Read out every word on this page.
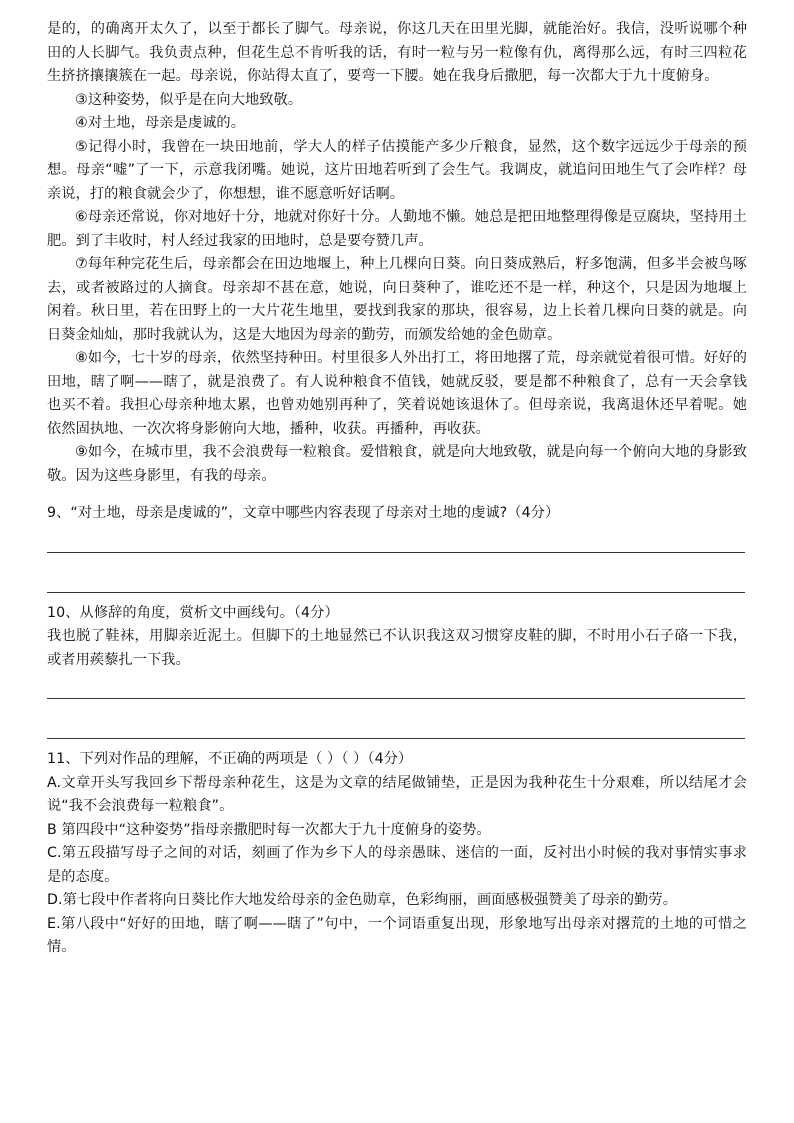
是的，的确离开太久了，以至于都长了脚气。母亲说，你这几天在田里光脚，就能治好。我信，没听说哪个种田的人长脚气。我负责点种，但花生总不肯听我的话，有时一粒与另一粒像有仇，离得那么远，有时三四粒花生挤挤攘攘簇在一起。母亲说，你站得太直了，要弯一下腰。她在我身后撒肥，每一次都大于九十度俯身。

③这种姿势，似乎是在向大地致敬。

④对土地，母亲是虔诚的。

⑤记得小时，我曾在一块田地前，学大人的样子估摸能产多少斤粮食，显然，这个数字远远少于母亲的预想。母亲“嘘”了一下，示意我闭嘴。她说，这片田地若听到了会生气。我调皮，就追问田地生气了会咋样？母亲说，打的粮食就会少了，你想想，谁不愿意听好话啊。

⑥母亲还常说，你对地好十分，地就对你好十分。人勤地不懒。她总是把田地整理得像是豆腐块，坚持用土肥。到了丰收时，村人经过我家的田地时，总是要夸赞几声。

⑦每年种完花生后，母亲都会在田边地堰上，种上几棵向日葵。向日葵成熟后，籽多饱满，但多半会被鸟啄去，或者被路过的人摘食。母亲却不甚在意，她说，向日葵种了，谁吃还不是一样，种这个，只是因为地堰上闲着。秋日里，若在田野上的一大片花生地里，要找到我家的那块，很容易，边上长着几棵向日葵的就是。向日葵金灿灿，那时我就认为，这是大地因为母亲的勤劳，而颁发给她的金色勋章。

⑧如今，七十岁的母亲，依然坚持种田。村里很多人外出打工，将田地撂了荒，母亲就觉着很可惜。好好的田地，瞎了啊——瞎了，就是浪费了。有人说种粮食不值钱，她就反驳，要是都不种粮食了，总有一天会拿钱也买不着。我担心母亲种地太累，也曾劝她别再种了，笑着说她该退休了。但母亲说，我离退休还早着呢。她依然固执地、一次次将身影俯向大地，播种，收获。再播种，再收获。

⑨如今，在城市里，我不会浪费每一粒粮食。爱惜粮食，就是向大地致敬，就是向每一个俯向大地的身影致敬。因为这些身影里，有我的母亲。

9、“对土地，母亲是虔诚的”，文章中哪些内容表现了母亲对土地的虔诚?（4分）

10、从修辞的角度，赏析文中画线句。（4分）

我也脱了鞋袜，用脚亲近泥土。但脚下的土地显然已不认识我这双习惯穿皮鞋的脚，不时用小石子硌一下我，或者用蒺藜扎一下我。

11、下列对作品的理解，不正确的两项是（ ）（ ）（4分）

A.文章开头写我回乡下帮母亲种花生，这是为文章的结尾做铺垫，正是因为我种花生十分艰难，所以结尾才会说“我不会浪费每一粒粮食”。

B 第四段中“这种姿势”指母亲撒肥时每一次都大于九十度俯身的姿势。

C.第五段描写母子之间的对话，刻画了作为乡下人的母亲愚昧、迷信的一面，反衬出小时候的我对事情实事求是的态度。

D.第七段中作者将向日葵比作大地发给母亲的金色勋章，色彩绚丽，画面感极强赞美了母亲的勤劳。

E.第八段中“好好的田地，瞎了啊——瞎了”句中，一个词语重复出现，形象地写出母亲对撂荒的土地的可惜之情。
